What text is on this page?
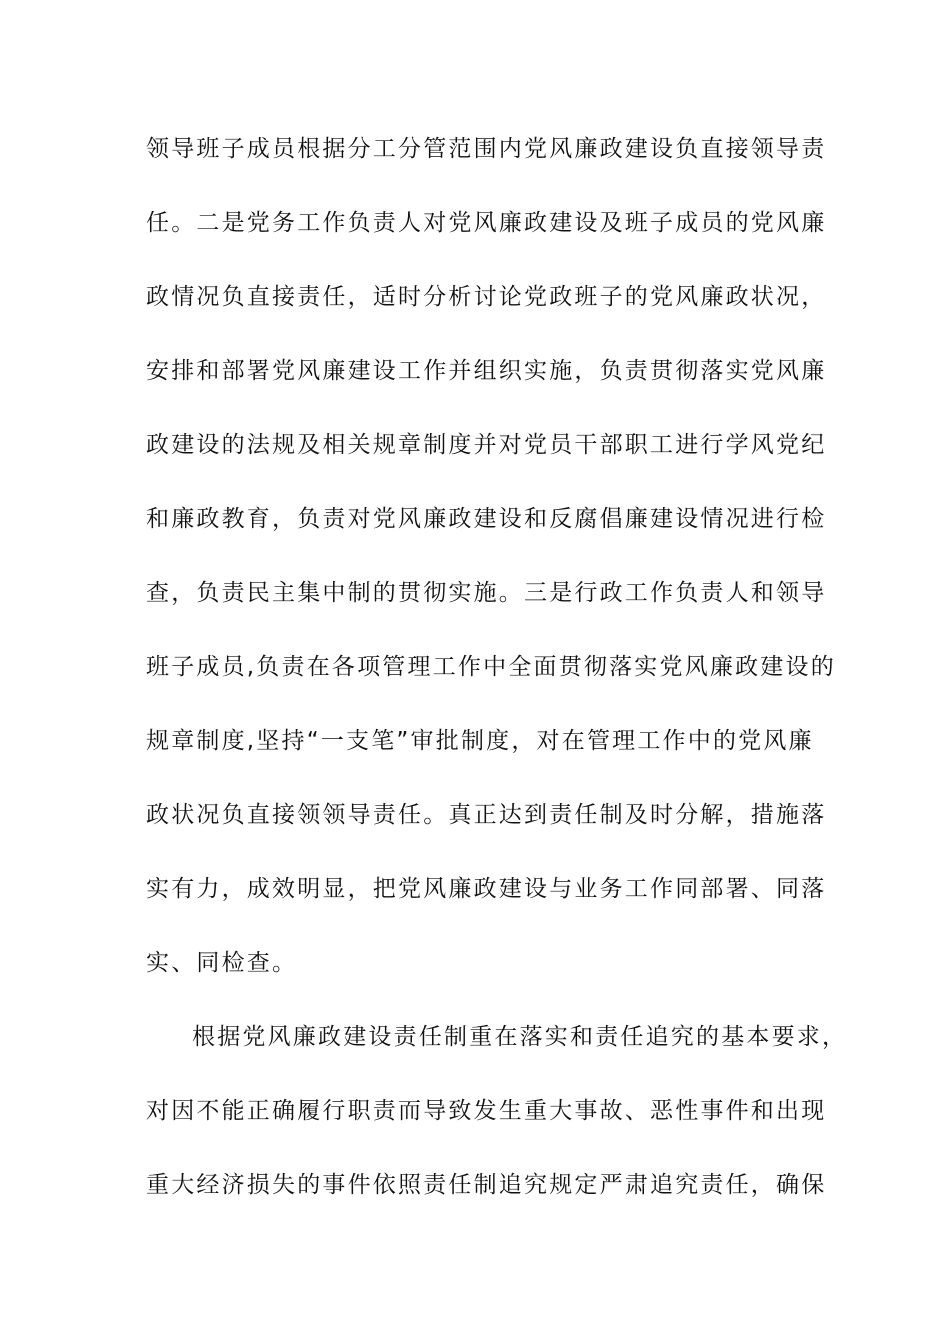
领导班子成员根据分工分管范围内党风廉政建设负直接领导责
任。二是党务工作负责人对党风廉政建设及班子成员的党风廉
政情况负直接责任，适时分析讨论党政班子的党风廉政状况，
安排和部署党风廉建设工作并组织实施，负责贯彻落实党风廉
政建设的法规及相关规章制度并对党员干部职工进行学风党纪
和廉政教育，负责对党风廉政建设和反腐倡廉建设情况进行检
查，负责民主集中制的贯彻实施。三是行政工作负责人和领导
班子成员,负责在各项管理工作中全面贯彻落实党风廉政建设的
规章制度,坚持“一支笔”审批制度，对在管理工作中的党风廉
政状况负直接领领导责任。真正达到责任制及时分解，措施落
实有力，成效明显，把党风廉政建设与业务工作同部署、同落
实、同检查。
根据党风廉政建设责任制重在落实和责任追究的基本要求，
对因不能正确履行职责而导致发生重大事故、恶性事件和出现
重大经济损失的事件依照责任制追究规定严肃追究责任，确保
